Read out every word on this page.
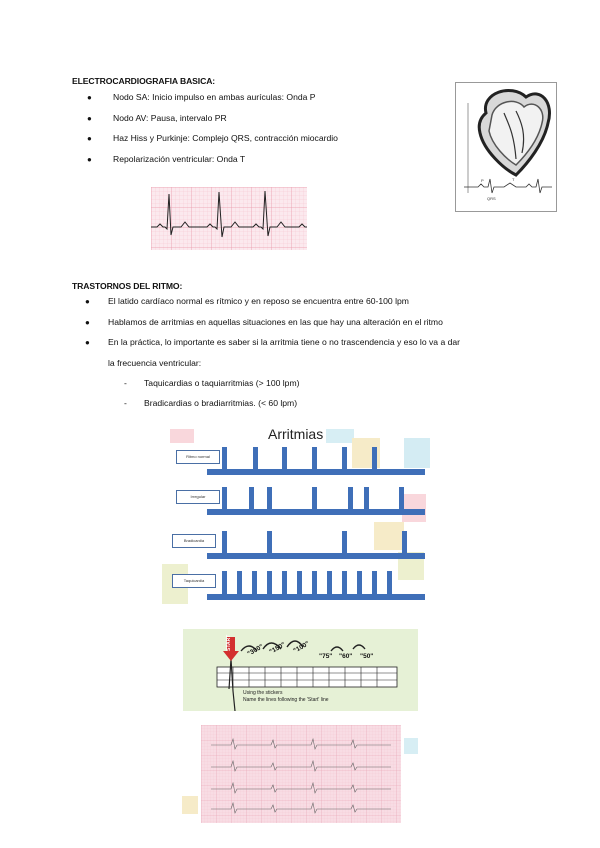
ELECTROCARDIOGRAFIA BASICA:
● Nodo SA: Inicio impulso en ambas aurículas: Onda P
● Nodo AV: Pausa, intervalo PR
● Haz Hiss y Purkinje: Complejo QRS, contracción miocardio
● Repolarización ventricular: Onda T
P
QRS
T
TRASTORNOS DEL RITMO:
● El latido cardíaco normal es rítmico y en reposo se encuentra entre 60-100 lpm
● Hablamos de arritmias en aquellas situaciones en las que hay una alteración en el ritmo
● En la práctica, lo importante es saber si la arritmia tiene o no trascendencia y eso lo va a dar
la frecuencia ventricular:
- Taquicardias o taquiarritmias (> 100 lpm)
- Bradicardias o bradiarritmias. (< 60 lpm)
Arritmias
Ritmo normal
Irregular
Bradicardia
Taquicardia
START "300" "150" "100"
"75" "60" "50"
Using the stickers
Name the lines following the 'Start' line
